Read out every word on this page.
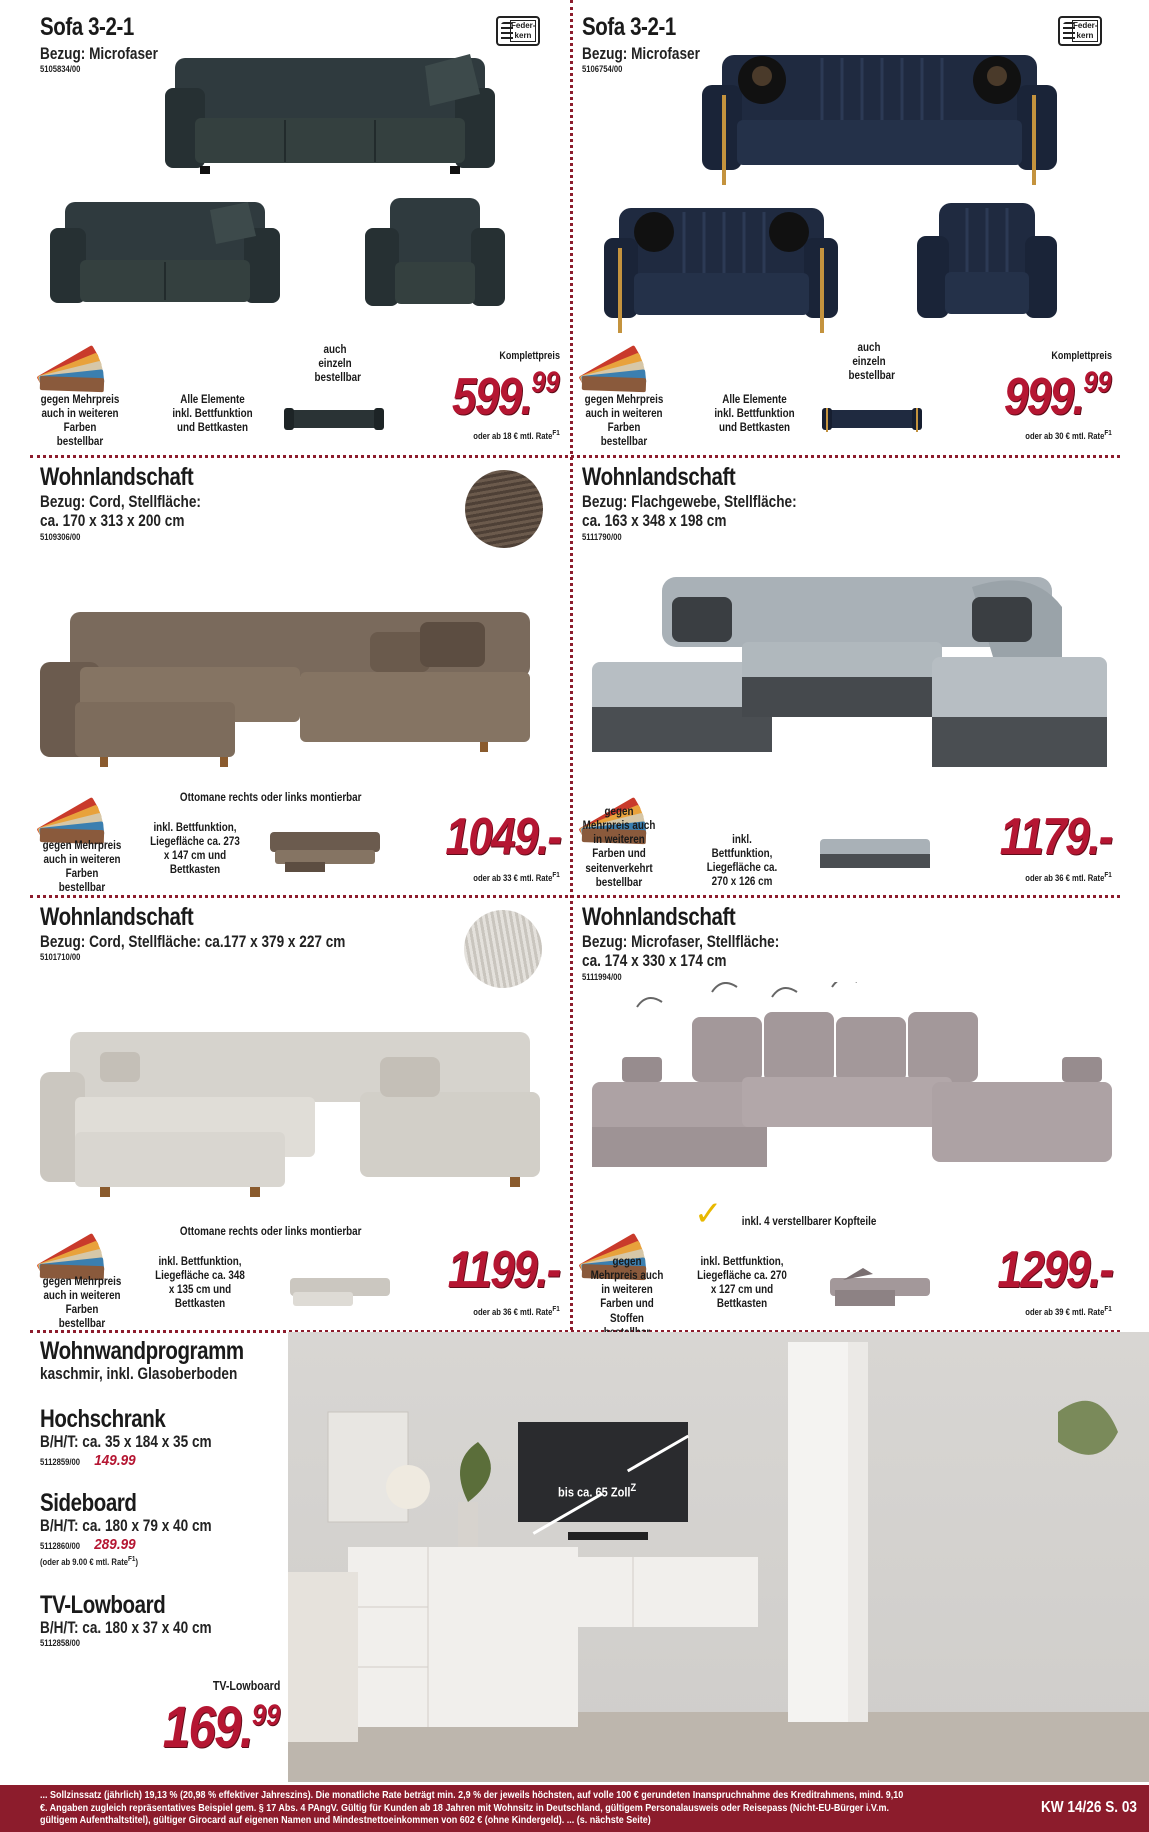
Sofa 3-2-1
Bezug: Microfaser
5105834/00
Feder-kern
gegen Mehrpreis auch in weiteren Farben bestellbar
Alle Elemente inkl. Bettfunktion und Bettkasten
auch einzeln bestellbar
Komplettpreis
599.99
oder ab 18 € mtl. Rate$^{F1}$
Sofa 3-2-1
Bezug: Microfaser
5106754/00
Feder-kern
gegen Mehrpreis auch in weiteren Farben bestellbar
Alle Elemente inkl. Bettfunktion und Bettkasten
auch einzeln bestellbar
Komplettpreis
999.99
oder ab 30 € mtl. Rate$^{F1}$
Wohnlandschaft
Bezug: Cord, Stellfläche:
ca. 170 x 313 x 200 cm
5109306/00
Ottomane rechts oder links montierbar
gegen Mehrpreis auch in weiteren Farben bestellbar
inkl. Bettfunktion, Liegefläche ca. 273 x 147 cm und Bettkasten
1049.-
oder ab 33 € mtl. Rate$^{F1}$
Wohnlandschaft
Bezug: Flachgewebe, Stellfläche:
ca. 163 x 348 x 198 cm
5111790/00
gegen Mehrpreis auch in weiteren Farben und seitenverkehrt bestellbar
inkl. Bettfunktion, Liegefläche ca. 270 x 126 cm
1179.-
oder ab 36 € mtl. Rate$^{F1}$
Wohnlandschaft
Bezug: Cord, Stellfläche: ca.177 x 379 x 227 cm
5101710/00
Ottomane rechts oder links montierbar
gegen Mehrpreis auch in weiteren Farben bestellbar
inkl. Bettfunktion, Liegefläche ca. 348 x 135 cm und Bettkasten
1199.-
oder ab 36 € mtl. Rate$^{F1}$
Wohnlandschaft
Bezug: Microfaser, Stellfläche:
ca. 174 x 330 x 174 cm
5111994/00
✓ inkl. 4 verstellbarer Kopfteile
gegen Mehrpreis auch in weiteren Farben und Stoffen
inkl. Bettfunktion, Liegefläche ca. 270 x 127 cm und Bettkasten
1299.-
oder ab 39 € mtl. Rate$^{F1}$
bis ca. 65 Zoll$^Z$
Wohnwandprogramm
kaschmir, inkl. Glasoberboden
Hochschrank
B/H/T: ca. 35 x 184 x 35 cm
5112859/00 149.99
Sideboard
B/H/T: ca. 180 x 79 x 40 cm
5112860/00 289.99
(oder ab 9.00 € mtl. Rate$^{F1}$)
TV-Lowboard
B/H/T: ca. 180 x 37 x 40 cm
5112858/00
TV-Lowboard
169.99
... Sollzinssatz (jährlich) 19,13 % (20,98 % effektiver Jahreszins). Die monatliche Rate beträgt min. 2,9 % der jeweils höchsten, auf volle 100 € gerundeten Inanspruchnahme des Kreditrahmens, mind. 9,10 €. Angaben zugleich repräsentatives Beispiel gem. § 17 Abs. 4 PAngV. Gültig für Kunden ab 18 Jahren mit Wohnsitz in Deutschland, gültigem Personalausweis oder Reisepass (Nicht-EU-Bürger i.V.m. gültigem Aufenthaltstitel), gültiger Girocard auf eigenen Namen und Mindestnettoeinkommen von 602 € (ohne Kindergeld). ... (s. nächste Seite)
KW 14/26 S. 03
